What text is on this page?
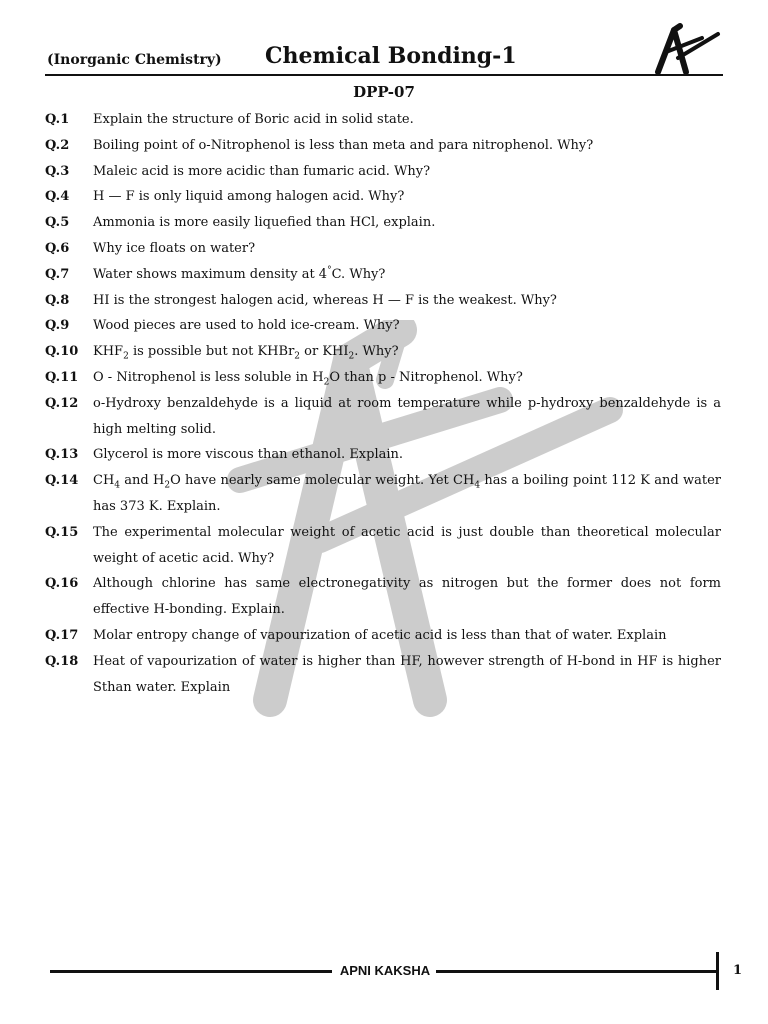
(Inorganic Chemistry) Chemical Bonding-1
DPP-07
Q.1	Explain the structure of Boric acid in solid state.
Q.2	Boiling point of o-Nitrophenol is less than meta and para nitrophenol. Why?
Q.3	Maleic acid is more acidic than fumaric acid. Why?
Q.4	H — F is only liquid among halogen acid. Why?
Q.5	Ammonia is more easily liquefied than HCl, explain.
Q.6	Why ice floats on water?
Q.7	Water shows maximum density at 4°C. Why?
Q.8	HI is the strongest halogen acid, whereas H — F is the weakest. Why?
Q.9	Wood pieces are used to hold ice-cream. Why?
Q.10	$KHF_2$ is possible but not KHBr$_2$ or $KHI_2$. Why?
Q.11	O - Nitrophenol is less soluble in $H_2O$ than p - Nitrophenol. Why?
Q.12	o-Hydroxy benzaldehyde is a liquid at room temperature while p-hydroxy benzaldehyde is a high melting solid.
Q.13	Glycerol is more viscous than ethanol. Explain.
Q.14	$CH_4$ and $H_2O$ have nearly same molecular weight. Yet $CH_4$ has a boiling point 112 K and water has 373 K. Explain.
Q.15	The experimental molecular weight of acetic acid is just double than theoretical molecular weight of acetic acid. Why?
Q.16	Although chlorine has same electronegativity as nitrogen but the former does not form effective H-bonding. Explain.
Q.17	Molar entropy change of vapourization of acetic acid is less than that of water. Explain
Q.18	Heat of vapourization of water is higher than HF, however strength of H-bond in HF is higher Sthan water. Explain
APNI KAKSHA	1
